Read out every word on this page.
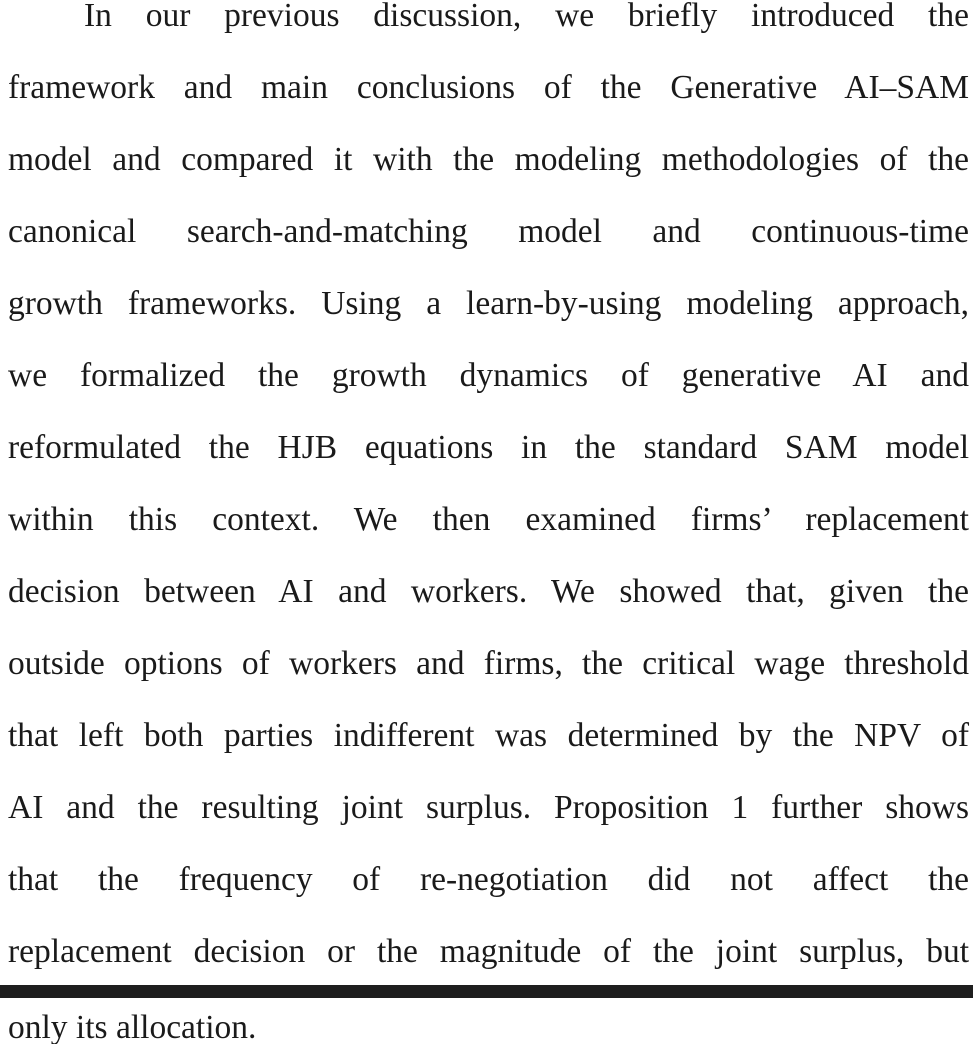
In our previous discussion, we briefly introduced the
framework and main conclusions of the Generative AI–SAM
model and compared it with the modeling methodologies of the
canonical search-and-matching model and continuous-time
growth frameworks. Using a learn-by-using modeling approach,
we formalized the growth dynamics of generative AI and
reformulated the HJB equations in the standard SAM model
within this context. We then examined firms’ replacement
decision between AI and workers. We showed that, given the
outside options of workers and firms, the critical wage threshold
that left both parties indifferent was determined by the NPV of
AI and the resulting joint surplus. Proposition 1 further shows
that the frequency of re-negotiation did not affect the
replacement decision or the magnitude of the joint surplus, but
only its allocation.
